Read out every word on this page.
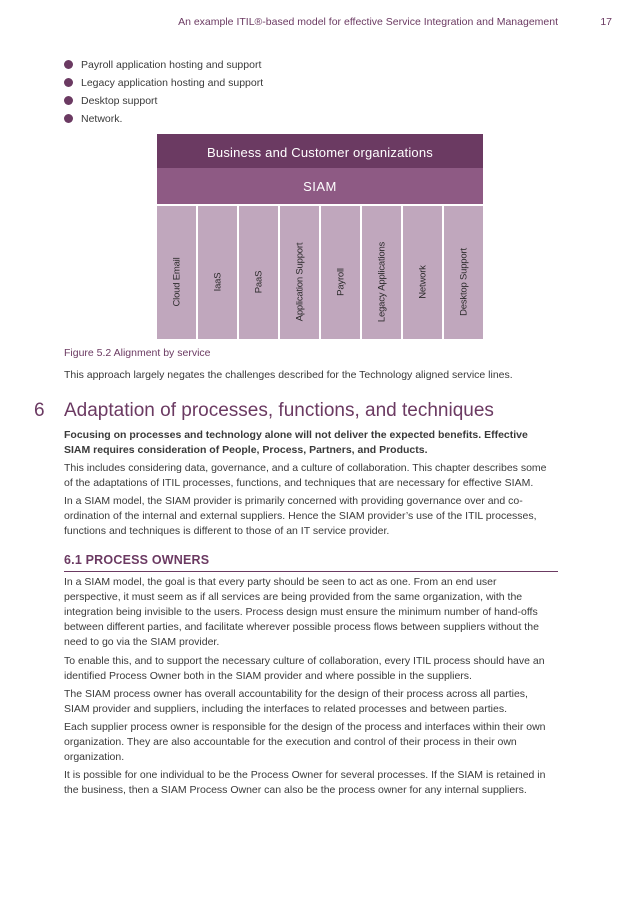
An example ITIL®-based model for effective Service Integration and Management	17
Payroll application hosting and support
Legacy application hosting and support
Desktop support
Network.
Business and Customer organizations
SIAM
Cloud Email	IaaS	PaaS	Application Support	Payroll	Legacy Applications	Network	Desktop Support
Figure 5.2 Alignment by service

This approach largely negates the challenges described for the Technology aligned service lines.

6 Adaptation of processes, functions, and techniques

Focusing on processes and technology alone will not deliver the expected benefits. Effective SIAM requires consideration of People, Process, Partners, and Products.

This includes considering data, governance, and a culture of collaboration. This chapter describes some of the adaptations of ITIL processes, functions, and techniques that are necessary for effective SIAM.

In a SIAM model, the SIAM provider is primarily concerned with providing governance over and co-ordination of the internal and external suppliers. Hence the SIAM provider’s use of the ITIL processes, functions and techniques is different to those of an IT service provider.

6.1 PROCESS OWNERS

In a SIAM model, the goal is that every party should be seen to act as one. From an end user perspective, it must seem as if all services are being provided from the same organization, with the integration being invisible to the users. Process design must ensure the minimum number of hand-offs between different parties, and facilitate wherever possible process flows between suppliers without the need to go via the SIAM provider.

To enable this, and to support the necessary culture of collaboration, every ITIL process should have an identified Process Owner both in the SIAM provider and where possible in the suppliers.

The SIAM process owner has overall accountability for the design of their process across all parties, SIAM provider and suppliers, including the interfaces to related processes and between parties.

Each supplier process owner is responsible for the design of the process and interfaces within their own organization. They are also accountable for the execution and control of their process in their own organization.

It is possible for one individual to be the Process Owner for several processes. If the SIAM is retained in the business, then a SIAM Process Owner can also be the process owner for any internal suppliers.
